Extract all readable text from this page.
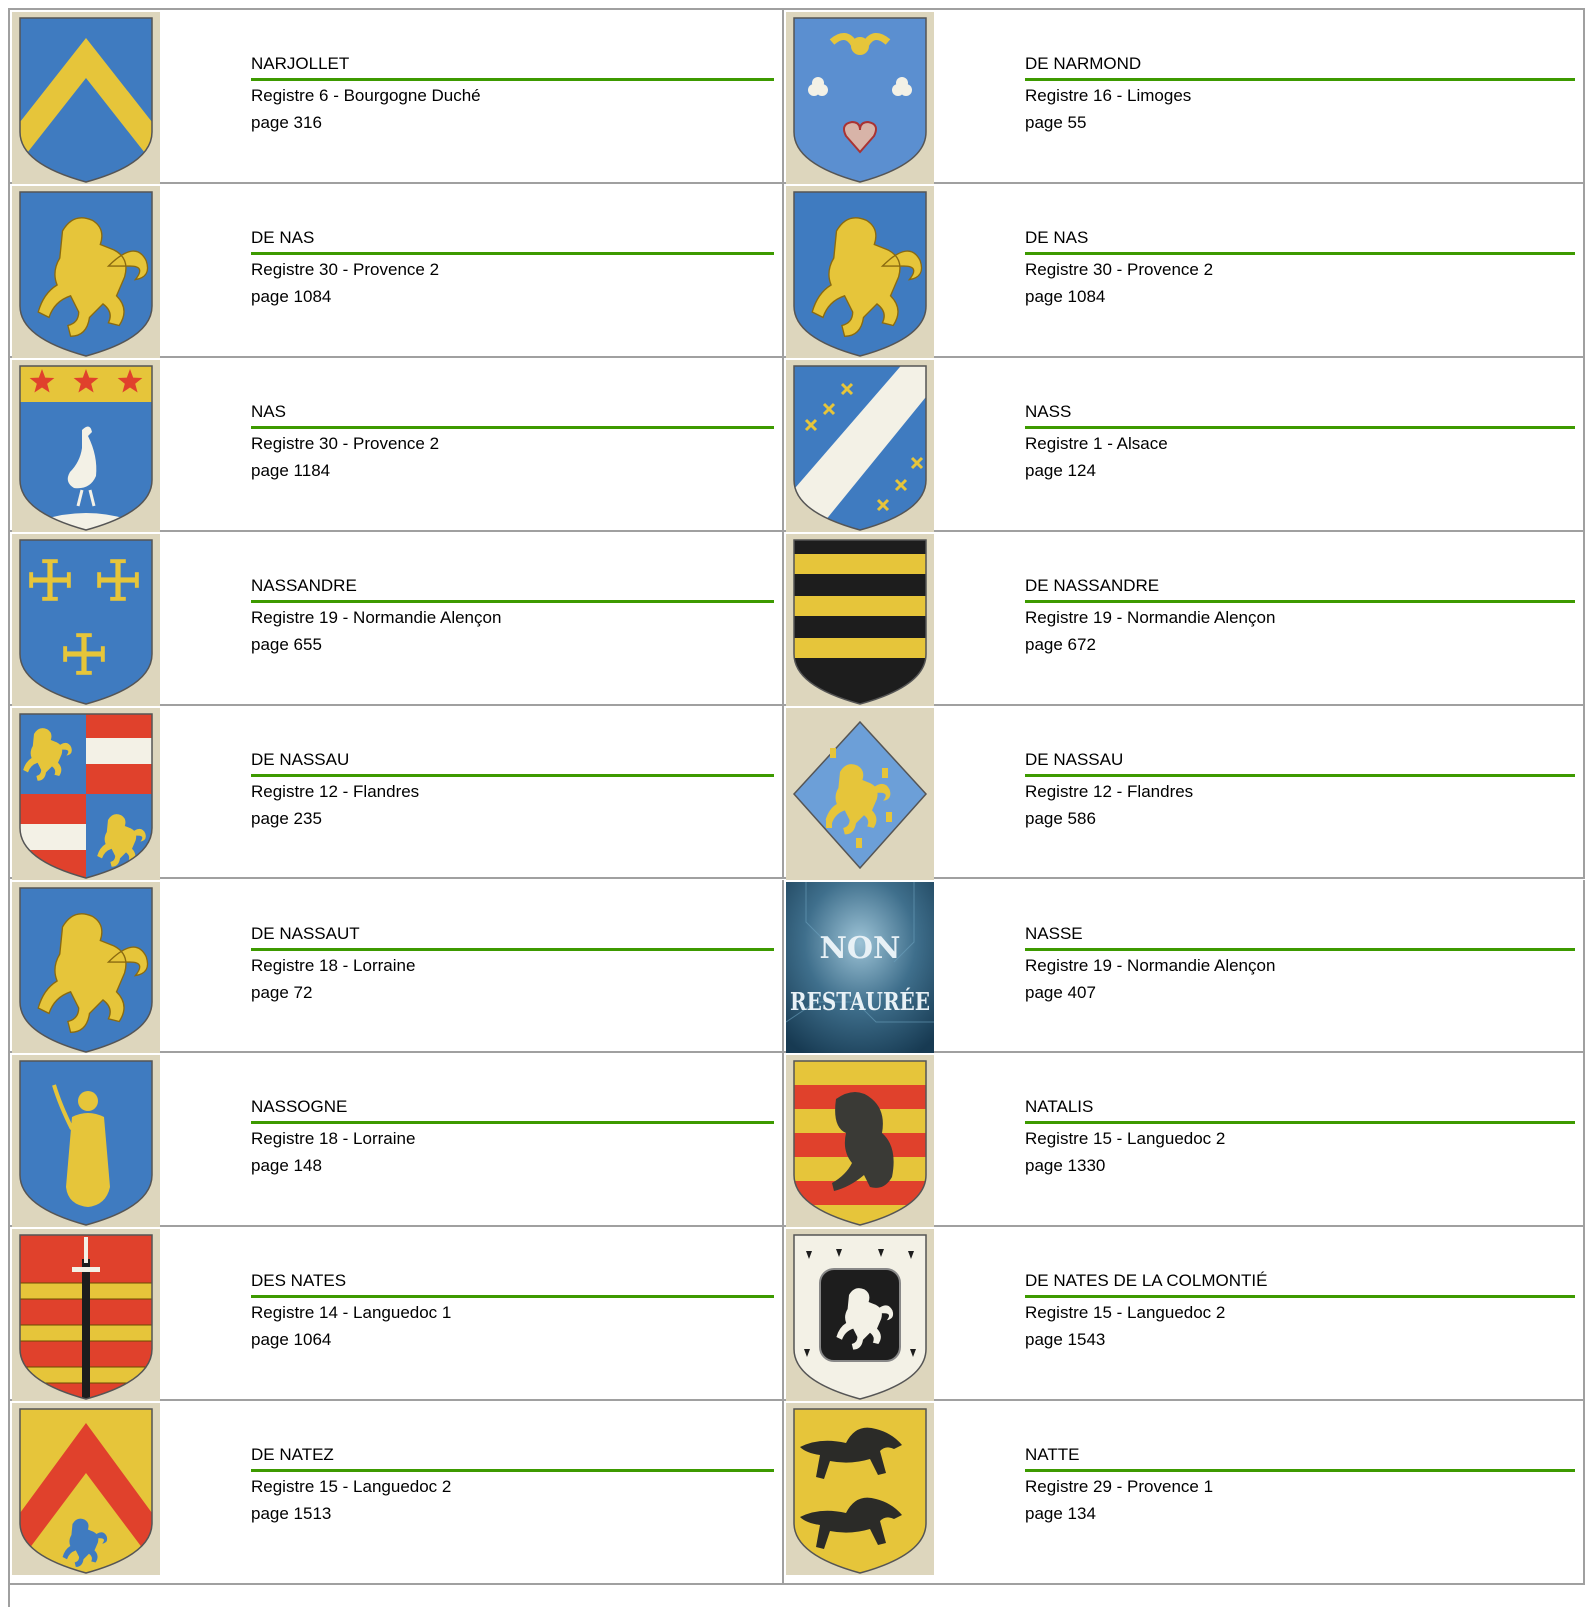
NARJOLLET
Registre 6 - Bourgogne Duché
page 316
DE NARMOND
Registre 16 - Limoges
page 55
DE NAS
Registre 30 - Provence 2
page 1084
DE NAS
Registre 30 - Provence 2
page 1084
NAS
Registre 30 - Provence 2
page 1184
NASS
Registre 1 - Alsace
page 124
NASSANDRE
Registre 19 - Normandie Alençon
page 655
DE NASSANDRE
Registre 19 - Normandie Alençon
page 672
DE NASSAU
Registre 12 - Flandres
page 235
DE NASSAU
Registre 12 - Flandres
page 586
DE NASSAUT
Registre 18 - Lorraine
page 72
NON
RESTAURÉE
NASSE
Registre 19 - Normandie Alençon
page 407
NASSOGNE
Registre 18 - Lorraine
page 148
NATALIS
Registre 15 - Languedoc 2
page 1330
DES NATES
Registre 14 - Languedoc 1
page 1064
DE NATES DE LA COLMONTIÉ
Registre 15 - Languedoc 2
page 1543
DE NATEZ
Registre 15 - Languedoc 2
page 1513
NATTE
Registre 29 - Provence 1
page 134
